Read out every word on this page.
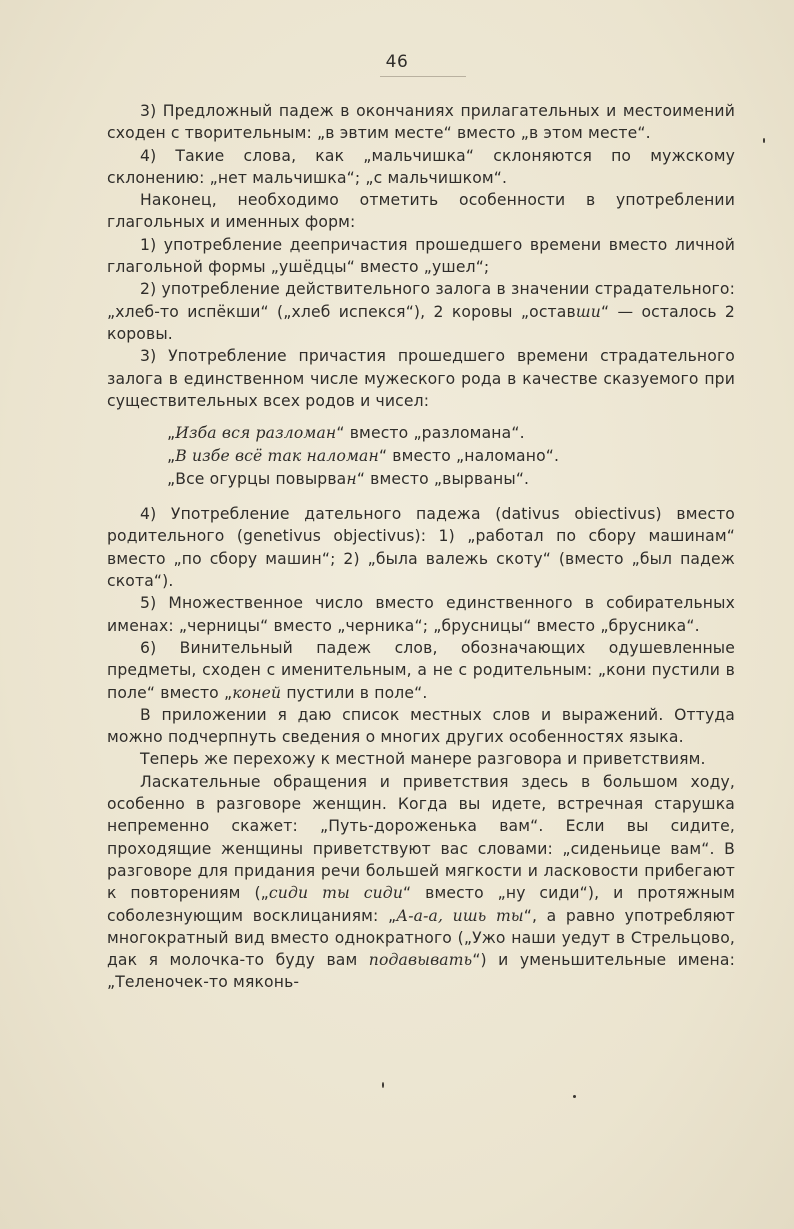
46

3) Предложный падеж в окончаниях прилагательных и местоимений сходен с творительным: „в эвтим месте“ вместо „в этом месте“.

4) Такие слова, как „мальчишка“ склоняются по мужскому склонению: „нет мальчишка“; „с мальчишком“.

Наконец, необходимо отметить особенности в употреблении глагольных и именных форм:

1) употребление деепричастия прошедшего времени вместо личной глагольной формы „ушёдцы“ вместо „ушел“;

2) употребление действительного залога в значении страдательного: „хлеб-то испёкши“ („хлеб испекся“), 2 коровы „оставши“ — осталось 2 коровы.

3) Употребление причастия прошедшего времени страдательного залога в единственном числе мужеского рода в качестве сказуемого при существительных всех родов и чисел:

„Изба вся разломан“ вместо „разломана“.

„В избе всё так наломан“ вместо „наломано“.

„Все огурцы повырван“ вместо „вырваны“.

4) Употребление дательного падежа (dativus obiectivus) вместо родительного (genetivus objectivus): 1) „работал по сбору машинам“ вместо „по сбору машин“; 2) „была валежь скоту“ (вместо „был падеж скота“).

5) Множественное число вместо единственного в собирательных именах: „черницы“ вместо „черника“; „брусницы“ вместо „брусника“.

6) Винительный падеж слов, обозначающих одушевленные предметы, сходен с именительным, а не с родительным: „кони пустили в поле“ вместо „коней пустили в поле“.

В приложении я даю список местных слов и выражений. Оттуда можно подчерпнуть сведения о многих других особенностях языка.

Теперь же перехожу к местной манере разговора и приветствиям.

Ласкательные обращения и приветствия здесь в большом ходу, особенно в разговоре женщин. Когда вы идете, встречная старушка непременно скажет: „Путь-дороженька вам“. Если вы сидите, проходящие женщины приветствуют вас словами: „сиденьице вам“. В разговоре для придания речи большей мягкости и ласковости прибегают к повторениям („сиди ты сиди“ вместо „ну сиди“), и протяжным соболезнующим восклицаниям: „А-а-а, ишь ты“, а равно употребляют многократный вид вместо однократного („Ужо наши уедут в Стрельцово, дак я молочка-то буду вам подавывать“) и уменьшительные имена: „Теленочек-то мяконь-
